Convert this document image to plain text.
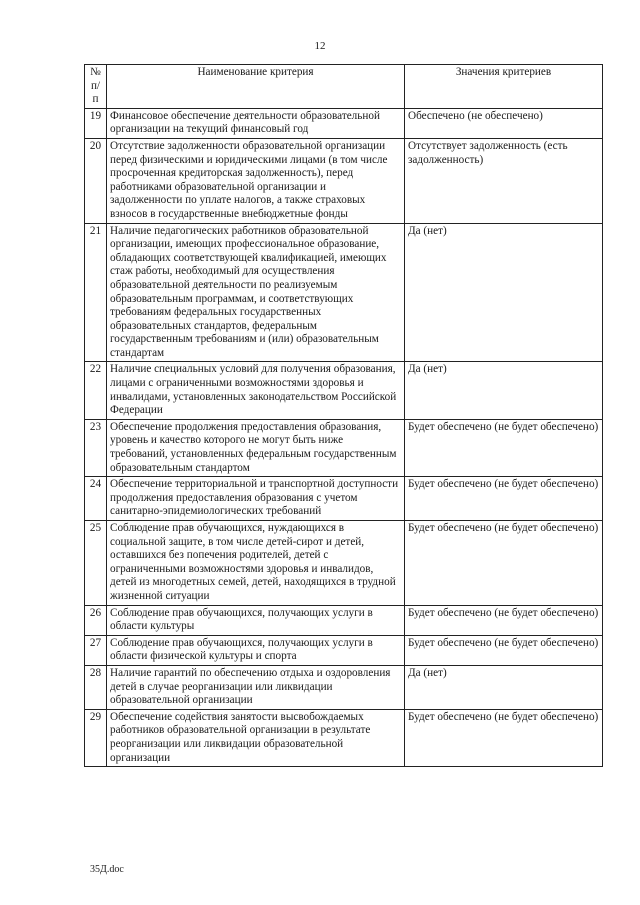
12
№
п/п	Наименование критерия	Значения критериев
19	Финансовое обеспечение деятельности образовательной организации на текущий финансовый год	Обеспечено (не обеспечено)
20	Отсутствие задолженности образовательной организации перед физическими и юридическими лицами (в том числе просроченная кредиторская задолженность), перед работниками образовательной организации и задолженности по уплате налогов, а также страховых взносов в государственные внебюджетные фонды	Отсутствует задолженность (есть задолженность)
21	Наличие педагогических работников образовательной организации, имеющих профессиональное образование, обладающих соответствующей квалификацией, имеющих стаж работы, необходимый для осуществления образовательной деятельности по реализуемым образовательным программам, и соответствующих требованиям федеральных государственных образовательных стандартов, федеральным государственным требованиям и (или) образовательным стандартам	Да (нет)
22	Наличие специальных условий для получения образования, лицами с ограниченными возможностями здоровья и инвалидами, установленных законодательством Российской Федерации	Да (нет)
23	Обеспечение продолжения предоставления образования, уровень и качество которого не могут быть ниже требований, установленных федеральным государственным образовательным стандартом	Будет обеспечено (не будет обеспечено)
24	Обеспечение территориальной и транспортной доступности продолжения предоставления образования с учетом санитарно-эпидемиологических требований	Будет обеспечено (не будет обеспечено)
25	Соблюдение прав обучающихся, нуждающихся в социальной защите, в том числе детей-сирот и детей, оставшихся без попечения родителей, детей с ограниченными возможностями здоровья и инвалидов, детей из многодетных семей, детей, находящихся в трудной жизненной ситуации	Будет обеспечено (не будет обеспечено)
26	Соблюдение прав обучающихся, получающих услуги в области культуры	Будет обеспечено (не будет обеспечено)
27	Соблюдение прав обучающихся, получающих услуги в области физической культуры и спорта	Будет обеспечено (не будет обеспечено)
28	Наличие гарантий по обеспечению отдыха и оздоровления детей в случае реорганизации или ликвидации образовательной организации	Да (нет)
29	Обеспечение содействия занятости высвобождаемых работников образовательной организации в результате реорганизации или ликвидации образовательной организации	Будет обеспечено (не будет обеспечено)
35Д.doc
